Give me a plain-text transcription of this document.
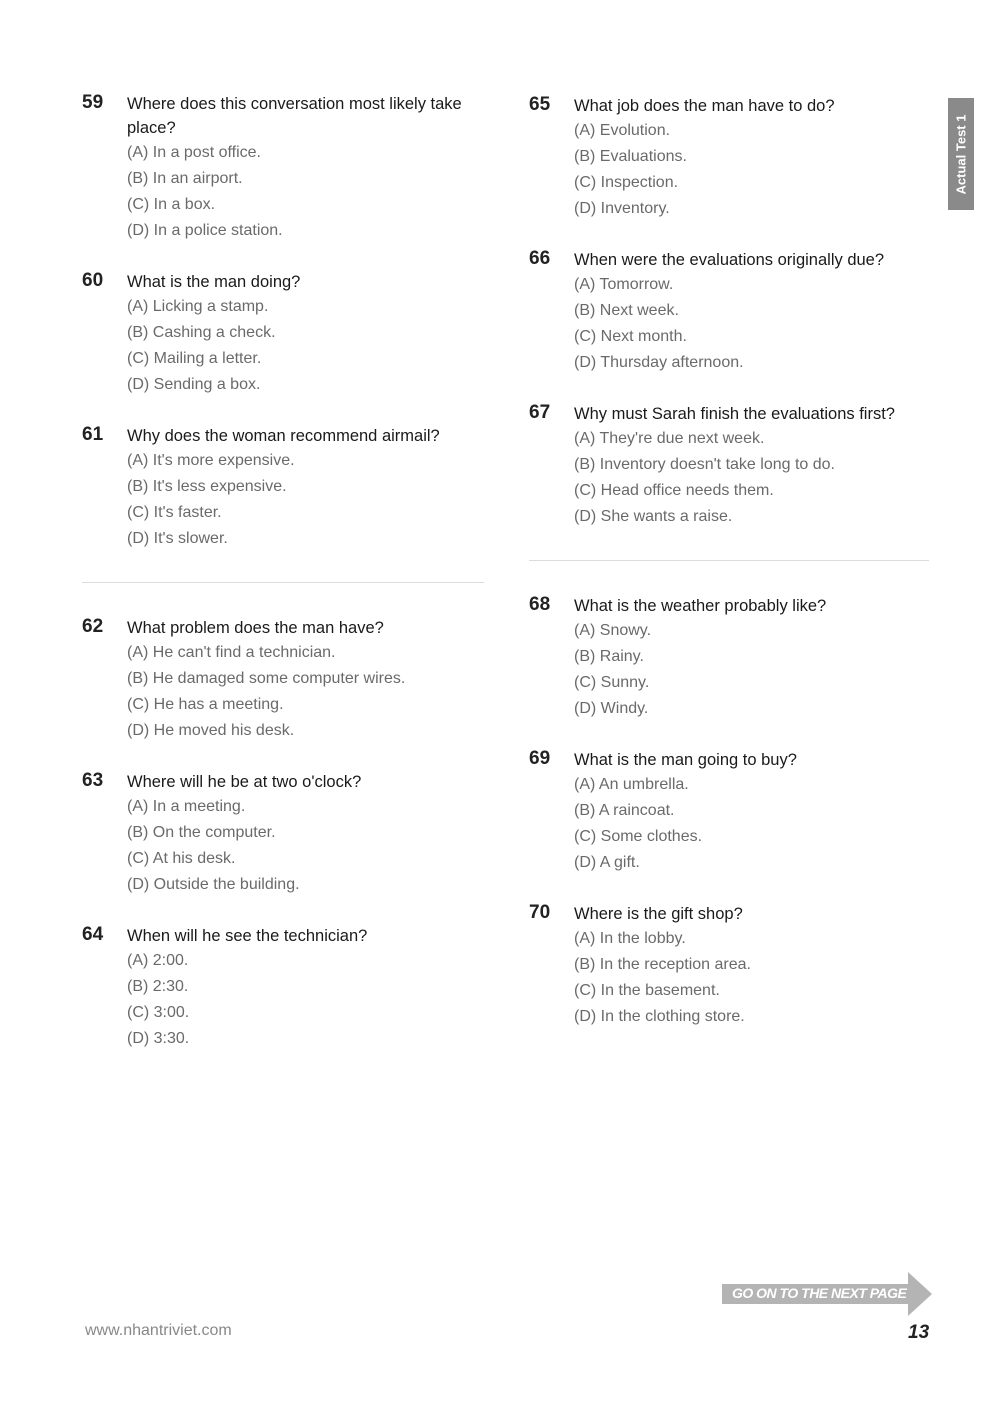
Actual Test 1
59 Where does this conversation most likely take place?
(A) In a post office.
(B) In an airport.
(C) In a box.
(D) In a police station.
60 What is the man doing?
(A) Licking a stamp.
(B) Cashing a check.
(C) Mailing a letter.
(D) Sending a box.
61 Why does the woman recommend airmail?
(A) It's more expensive.
(B) It's less expensive.
(C) It's faster.
(D) It's slower.
62 What problem does the man have?
(A) He can't find a technician.
(B) He damaged some computer wires.
(C) He has a meeting.
(D) He moved his desk.
63 Where will he be at two o'clock?
(A) In a meeting.
(B) On the computer.
(C) At his desk.
(D) Outside the building.
64 When will he see the technician?
(A) 2:00.
(B) 2:30.
(C) 3:00.
(D) 3:30.
65 What job does the man have to do?
(A) Evolution.
(B) Evaluations.
(C) Inspection.
(D) Inventory.
66 When were the evaluations originally due?
(A) Tomorrow.
(B) Next week.
(C) Next month.
(D) Thursday afternoon.
67 Why must Sarah finish the evaluations first?
(A) They're due next week.
(B) Inventory doesn't take long to do.
(C) Head office needs them.
(D) She wants a raise.
68 What is the weather probably like?
(A) Snowy.
(B) Rainy.
(C) Sunny.
(D) Windy.
69 What is the man going to buy?
(A) An umbrella.
(B) A raincoat.
(C) Some clothes.
(D) A gift.
70 Where is the gift shop?
(A) In the lobby.
(B) In the reception area.
(C) In the basement.
(D) In the clothing store.
GO ON TO THE NEXT PAGE
www.nhantriviet.com	13
